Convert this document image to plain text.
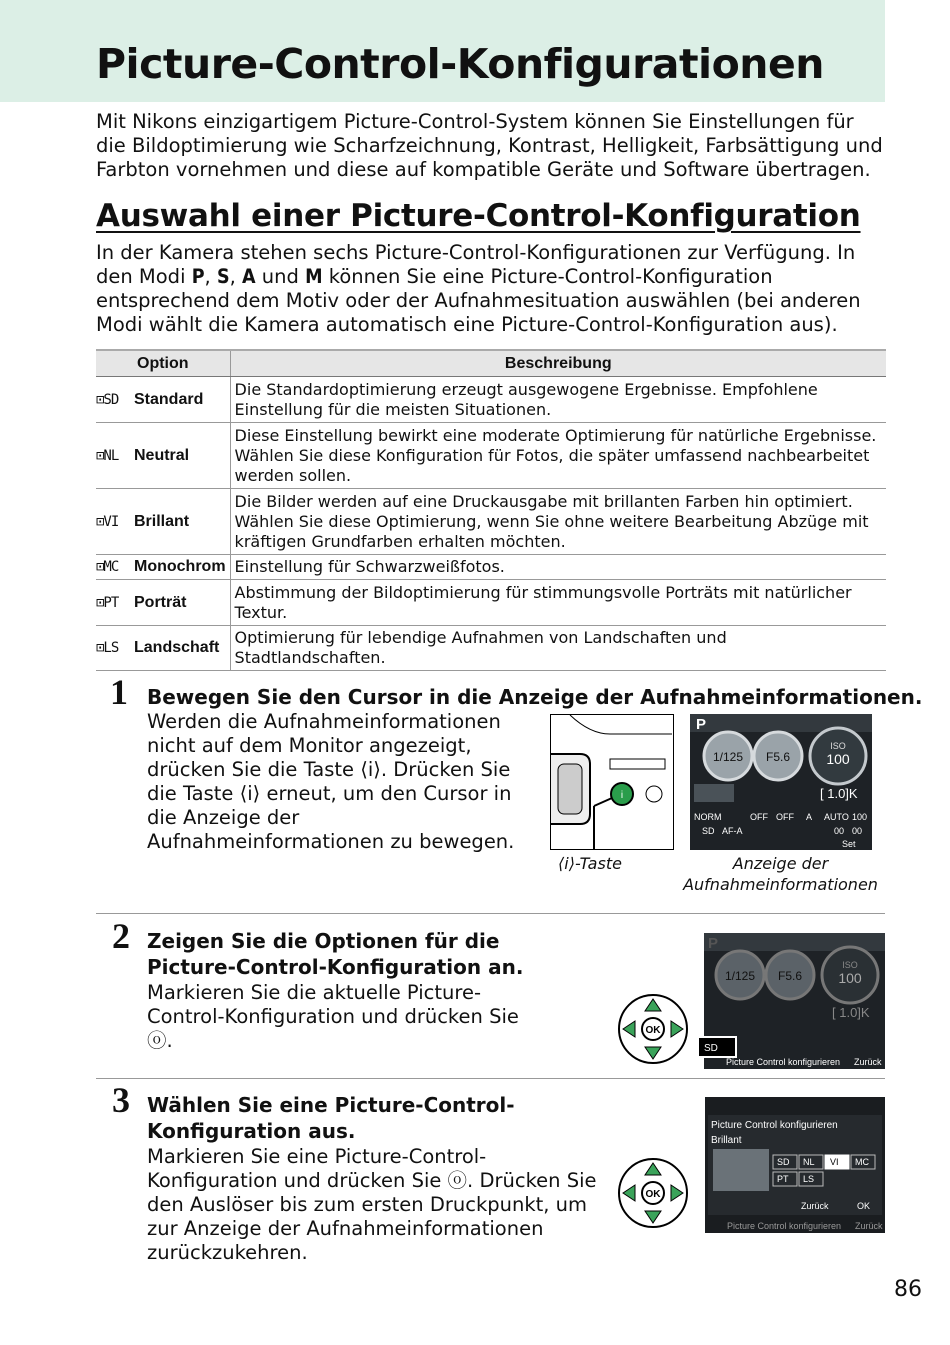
Picture-Control-Konfigurationen
Mit Nikons einzigartigem Picture-Control-System können Sie Einstellungen für die Bildoptimierung wie Scharfzeichnung, Kontrast, Helligkeit, Farbsättigung und Farbton vornehmen und diese auf kompatible Geräte und Software übertragen.
Auswahl einer Picture-Control-Konfiguration
In der Kamera stehen sechs Picture-Control-Konfigurationen zur Verfügung. In den Modi P, S, A und M können Sie eine Picture-Control-Konfiguration entsprechend dem Motiv oder der Aufnahmesituation auswählen (bei anderen Modi wählt die Kamera automatisch eine Picture-Control-Konfiguration aus).
Option	Beschreibung
⊡SD Standard	Die Standardoptimierung erzeugt ausgewogene Ergebnisse. Empfohlene Einstellung für die meisten Situationen.
⊡NL Neutral	Diese Einstellung bewirkt eine moderate Optimierung für natürliche Ergebnisse. Wählen Sie diese Konfiguration für Fotos, die später umfassend nachbearbeitet werden sollen.
⊡VI Brillant	Die Bilder werden auf eine Druckausgabe mit brillanten Farben hin optimiert. Wählen Sie diese Optimierung, wenn Sie ohne weitere Bearbeitung Abzüge mit kräftigen Grundfarben erhalten möchten.
⊡MC Monochrom	Einstellung für Schwarzweißfotos.
⊡PT Porträt	Abstimmung der Bildoptimierung für stimmungsvolle Porträts mit natürlicher Textur.
⊡LS Landschaft	Optimierung für lebendige Aufnahmen von Landschaften und Stadtlandschaften.
1 Bewegen Sie den Cursor in die Anzeige der Aufnahmeinformationen.
Werden die Aufnahmeinformationen nicht auf dem Monitor angezeigt, drücken Sie die Taste ⟨i⟩. Drücken Sie die Taste ⟨i⟩ erneut, um den Cursor in die Anzeige der Aufnahmeinformationen zu bewegen.
i
P
1/125 F5.6
ISO
100
[ 1.0]K
NORM	OFF OFF A AUTO 100
SD AF-A	00 00
Set
⟨i⟩-Taste	Anzeige der Aufnahmeinformationen
2 Zeigen Sie die Optionen für die Picture-Control-Konfiguration an.
Markieren Sie die aktuelle Picture-Control-Konfiguration und drücken Sie ⓞ.	OK
P
1/125 F5.6
ISO
100
[ 1.0]K
SD
Picture Control konfigurieren Zurück
3 Wählen Sie eine Picture-Control-Konfiguration aus.
Markieren Sie eine Picture-Control-Konfiguration und drücken Sie ⓞ. Drücken Sie den Auslöser bis zum ersten Druckpunkt, um zur Anzeige der Aufnahmeinformationen zurückzukehren.
OK
Picture Control konfigurieren
Brillant
SD NL VI MC
PT LS
Zurück	OK
Picture Control konfigurieren Zurück
86
